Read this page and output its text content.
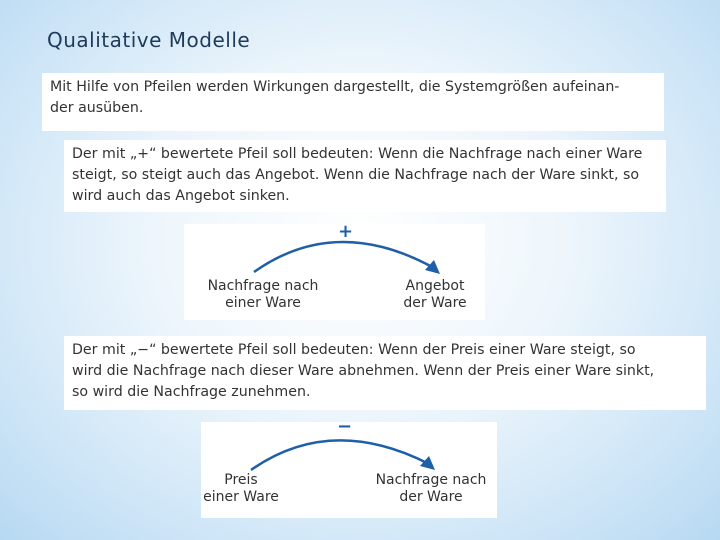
Qualitative Modelle
Mit Hilfe von Pfeilen werden Wirkungen dargestellt, die Systemgrößen aufeinan-
der ausüben.
Der mit „+“ bewertete Pfeil soll bedeuten: Wenn die Nachfrage nach einer Ware
steigt, so steigt auch das Angebot. Wenn die Nachfrage nach der Ware sinkt, so
wird auch das Angebot sinken.
+
Nachfrage nach
einer Ware
Angebot
der Ware
Der mit „−“ bewertete Pfeil soll bedeuten: Wenn der Preis einer Ware steigt, so
wird die Nachfrage nach dieser Ware abnehmen. Wenn der Preis einer Ware sinkt,
so wird die Nachfrage zunehmen.
−
Preis
einer Ware
Nachfrage nach
der Ware
